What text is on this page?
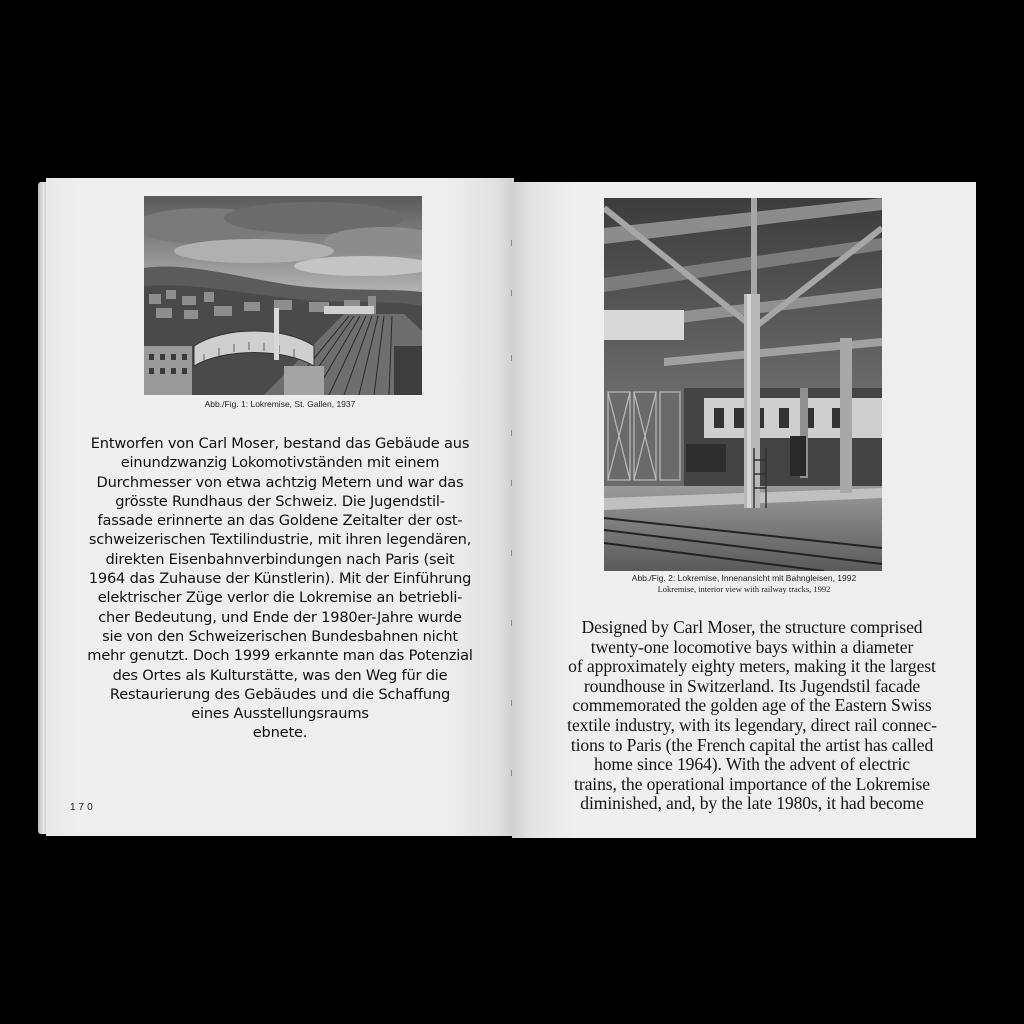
Abb./Fig. 1: Lokremise, St. Gallen, 1937
Entworfen von Carl Moser, bestand das Gebäude aus
einundzwanzig Lokomotivständen mit einem
Durchmesser von etwa achtzig Metern und war das
grösste Rundhaus der Schweiz. Die Jugendstil-
fassade erinnerte an das Goldene Zeitalter der ost-
schweizerischen Textilindustrie, mit ihren legendären,
direkten Eisenbahnverbindungen nach Paris (seit
1964 das Zuhause der Künstlerin). Mit der Einführung
elektrischer Züge verlor die Lokremise an betriebli-
cher Bedeutung, und Ende der 1980er-Jahre wurde
sie von den Schweizerischen Bundesbahnen nicht
mehr genutzt. Doch 1999 erkannte man das Potenzial
des Ortes als Kulturstätte, was den Weg für die
Restaurierung des Gebäudes und die Schaffung
eines Ausstellungsraums
ebnete.
170
Abb./Fig. 2: Lokremise, Innenansicht mit Bahngleisen, 1992
Lokremise, interior view with railway tracks, 1992
Designed by Carl Moser, the structure comprised
twenty-one locomotive bays within a diameter
of approximately eighty meters, making it the largest
roundhouse in Switzerland. Its Jugendstil facade
commemorated the golden age of the Eastern Swiss
textile industry, with its legendary, direct rail connec-
tions to Paris (the French capital the artist has called
home since 1964). With the advent of electric
trains, the operational importance of the Lokremise
diminished, and, by the late 1980s, it had become
